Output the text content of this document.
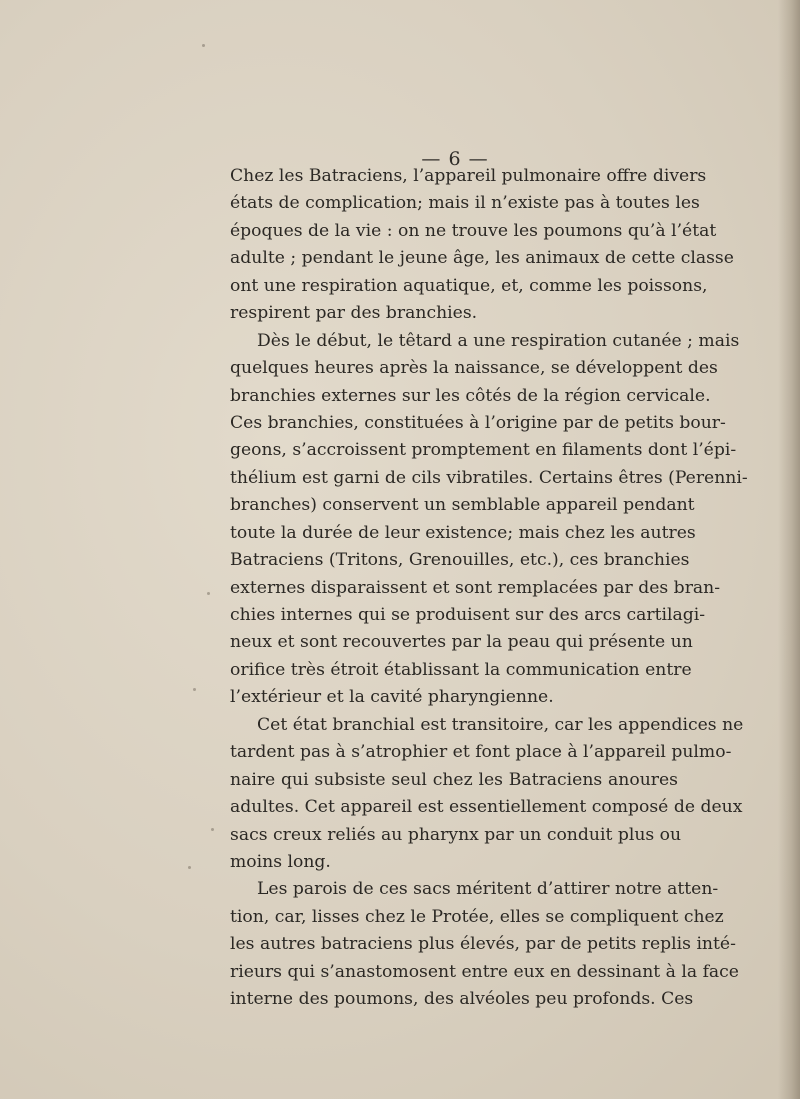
— 6 —
Chez les Batraciens, l’appareil pulmonaire offre divers
états de complication; mais il n’existe pas à toutes les
époques de la vie : on ne trouve les poumons qu’à l’état
adulte ; pendant le jeune âge, les animaux de cette classe
ont une respiration aquatique, et, comme les poissons,
respirent par des branchies.
Dès le début, le têtard a une respiration cutanée ; mais
quelques heures après la naissance, se développent des
branchies externes sur les côtés de la région cervicale.
Ces branchies, constituées à l’origine par de petits bour-
geons, s’accroissent promptement en filaments dont l’épi-
thélium est garni de cils vibratiles. Certains êtres (Perenni-
branches) conservent un semblable appareil pendant
toute la durée de leur existence; mais chez les autres
Batraciens (Tritons, Grenouilles, etc.), ces branchies
externes disparaissent et sont remplacées par des bran-
chies internes qui se produisent sur des arcs cartilagi-
neux et sont recouvertes par la peau qui présente un
orifice très étroit établissant la communication entre
l’extérieur et la cavité pharyngienne.
Cet état branchial est transitoire, car les appendices ne
tardent pas à s’atrophier et font place à l’appareil pulmo-
naire qui subsiste seul chez les Batraciens anoures
adultes. Cet appareil est essentiellement composé de deux
sacs creux reliés au pharynx par un conduit plus ou
moins long.
Les parois de ces sacs méritent d’attirer notre atten-
tion, car, lisses chez le Protée, elles se compliquent chez
les autres batraciens plus élevés, par de petits replis inté-
rieurs qui s’anastomosent entre eux en dessinant à la face
interne des poumons, des alvéoles peu profonds. Ces
